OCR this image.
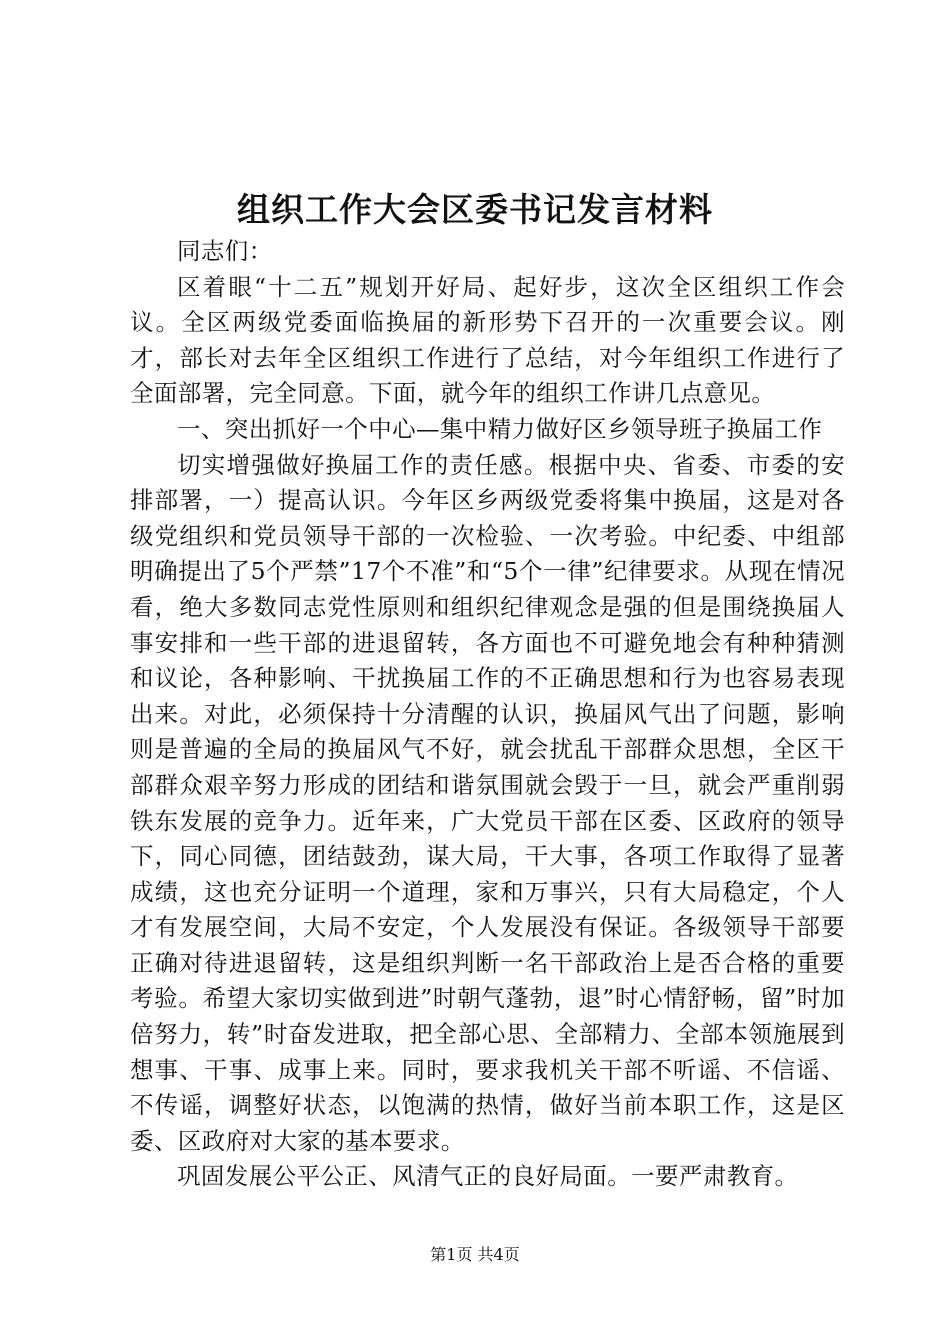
组织工作大会区委书记发言材料

同志们：

区着眼“十二五”规划开好局、起好步，这次全区组织工作会议。全区两级党委面临换届的新形势下召开的一次重要会议。刚才，部长对去年全区组织工作进行了总结，对今年组织工作进行了全面部署，完全同意。下面，就今年的组织工作讲几点意见。

一、突出抓好一个中心—集中精力做好区乡领导班子换届工作

切实增强做好换届工作的责任感。根据中央、省委、市委的安排部署，一）提高认识。今年区乡两级党委将集中换届，这是对各级党组织和党员领导干部的一次检验、一次考验。中纪委、中组部明确提出了5个严禁”17个不准”和“5个一律”纪律要求。从现在情况看，绝大多数同志党性原则和组织纪律观念是强的但是围绕换届人事安排和一些干部的进退留转，各方面也不可避免地会有种种猜测和议论，各种影响、干扰换届工作的不正确思想和行为也容易表现出来。对此，必须保持十分清醒的认识，换届风气出了问题，影响则是普遍的全局的换届风气不好，就会扰乱干部群众思想，全区干部群众艰辛努力形成的团结和谐氛围就会毁于一旦，就会严重削弱铁东发展的竞争力。近年来，广大党员干部在区委、区政府的领导下，同心同德，团结鼓劲，谋大局，干大事，各项工作取得了显著成绩，这也充分证明一个道理，家和万事兴，只有大局稳定，个人才有发展空间，大局不安定，个人发展没有保证。各级领导干部要正确对待进退留转，这是组织判断一名干部政治上是否合格的重要考验。希望大家切实做到进”时朝气蓬勃，退”时心情舒畅，留”时加倍努力，转”时奋发进取，把全部心思、全部精力、全部本领施展到想事、干事、成事上来。同时，要求我机关干部不听谣、不信谣、不传谣，调整好状态，以饱满的热情，做好当前本职工作，这是区委、区政府对大家的基本要求。

巩固发展公平公正、风清气正的良好局面。一要严肃教育。

第1页 共4页
